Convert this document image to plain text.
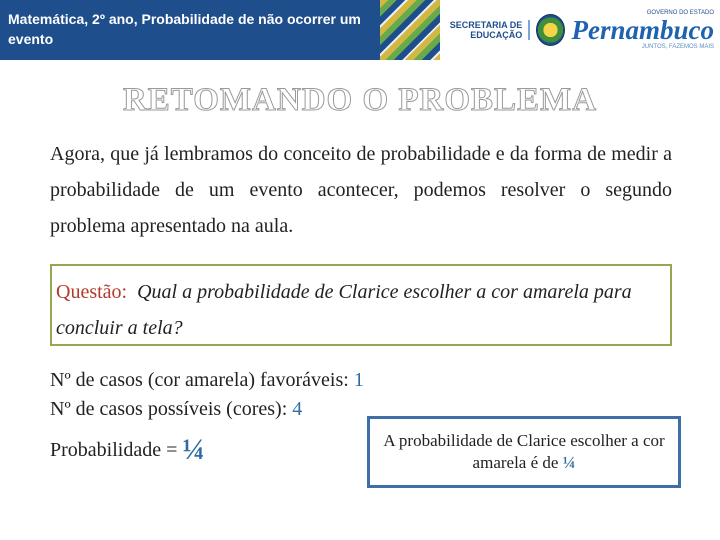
Matemática, 2º ano, Probabilidade de não ocorrer um evento
SECRETARIA DE EDUCAÇÃO
GOVERNO DO ESTADO
Pernambuco
JUNTOS, FAZEMOS MAIS
RETOMANDO O PROBLEMA
Agora, que já lembramos do conceito de probabilidade e da forma de medir a probabilidade de um evento acontecer, podemos resolver o segundo problema apresentado na aula.
Questão: Qual a probabilidade de Clarice escolher a cor amarela para concluir a tela?
Nº de casos (cor amarela) favoráveis: 1
Nº de casos possíveis (cores): 4
Probabilidade = ¼	A probabilidade de Clarice escolher a cor amarela é de ¼
